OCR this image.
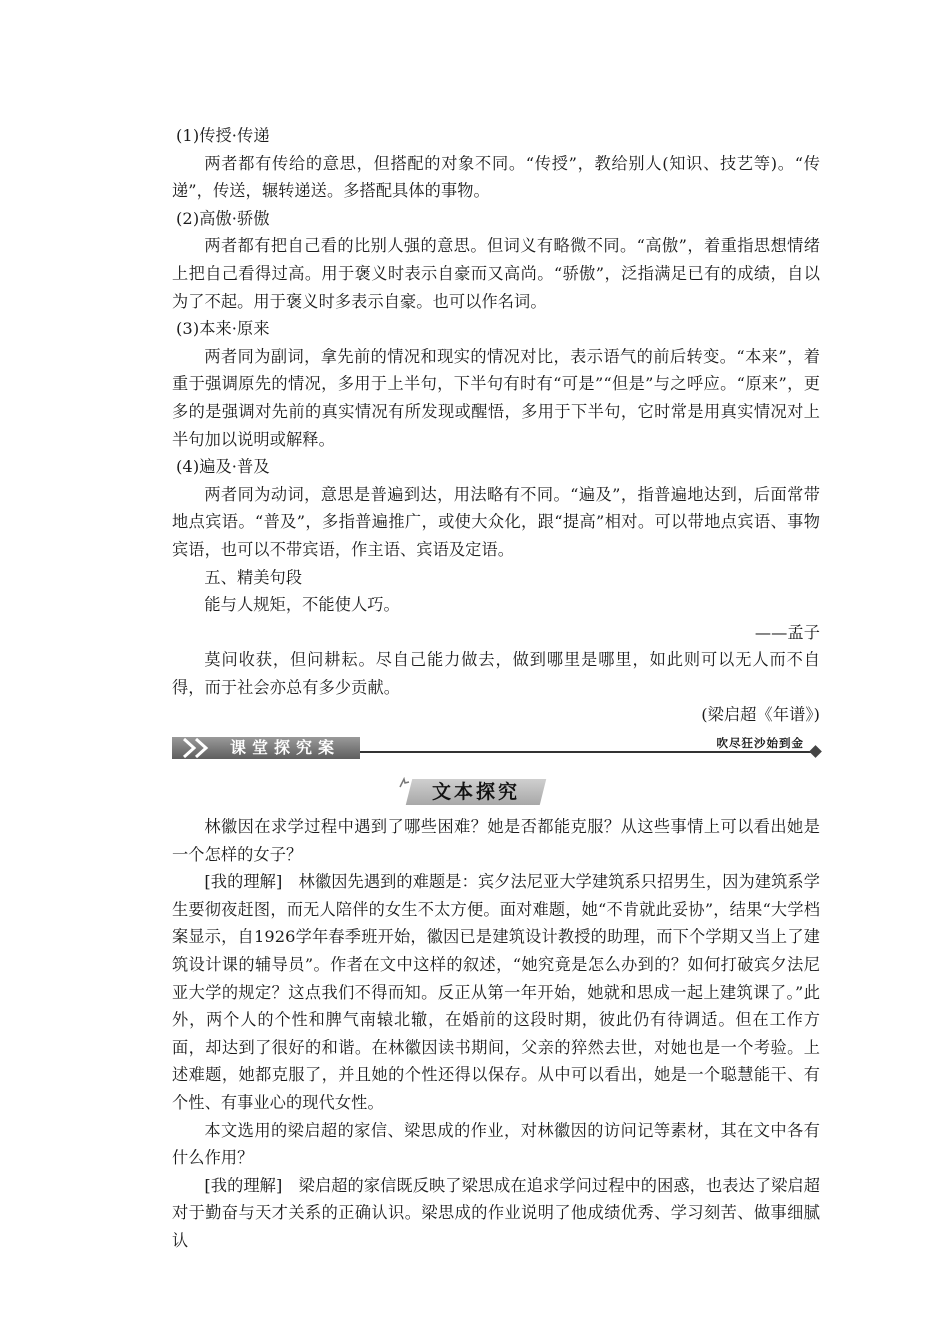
(1)传授·传递

两者都有传给的意思，但搭配的对象不同。“传授”，教给别人(知识、技艺等)。“传递”，传送，辗转递送。多搭配具体的事物。

(2)高傲·骄傲

两者都有把自己看的比别人强的意思。但词义有略微不同。“高傲”，着重指思想情绪上把自己看得过高。用于褒义时表示自豪而又高尚。“骄傲”，泛指满足已有的成绩，自以为了不起。用于褒义时多表示自豪。也可以作名词。

(3)本来·原来

两者同为副词，拿先前的情况和现实的情况对比，表示语气的前后转变。“本来”，着重于强调原先的情况，多用于上半句，下半句有时有“可是”“但是”与之呼应。“原来”，更多的是强调对先前的真实情况有所发现或醒悟，多用于下半句，它时常是用真实情况对上半句加以说明或解释。

(4)遍及·普及

两者同为动词，意思是普遍到达，用法略有不同。“遍及”，指普遍地达到，后面常带地点宾语。“普及”，多指普遍推广，或使大众化，跟“提高”相对。可以带地点宾语、事物宾语，也可以不带宾语，作主语、宾语及定语。

五、精美句段

能与人规矩，不能使人巧。

——孟子

莫问收获，但问耕耘。尽自己能力做去，做到哪里是哪里，如此则可以无人而不自得，而于社会亦总有多少贡献。

(梁启超《年谱》)

课堂探究案	吹尽狂沙始到金
文本探究

林徽因在求学过程中遇到了哪些困难？她是否都能克服？从这些事情上可以看出她是一个怎样的女子？

[我的理解]　林徽因先遇到的难题是：宾夕法尼亚大学建筑系只招男生，因为建筑系学生要彻夜赶图，而无人陪伴的女生不太方便。面对难题，她“不肯就此妥协”，结果“大学档案显示，自1926学年春季班开始，徽因已是建筑设计教授的助理，而下个学期又当上了建筑设计课的辅导员”。作者在文中这样的叙述，“她究竟是怎么办到的？如何打破宾夕法尼亚大学的规定？这点我们不得而知。反正从第一年开始，她就和思成一起上建筑课了。”此外，两个人的个性和脾气南辕北辙，在婚前的这段时期，彼此仍有待调适。但在工作方面，却达到了很好的和谐。在林徽因读书期间，父亲的猝然去世，对她也是一个考验。上述难题，她都克服了，并且她的个性还得以保存。从中可以看出，她是一个聪慧能干、有个性、有事业心的现代女性。

本文选用的梁启超的家信、梁思成的作业，对林徽因的访问记等素材，其在文中各有什么作用？

[我的理解]　梁启超的家信既反映了梁思成在追求学问过程中的困惑，也表达了梁启超对于勤奋与天才关系的正确认识。梁思成的作业说明了他成绩优秀、学习刻苦、做事细腻认
